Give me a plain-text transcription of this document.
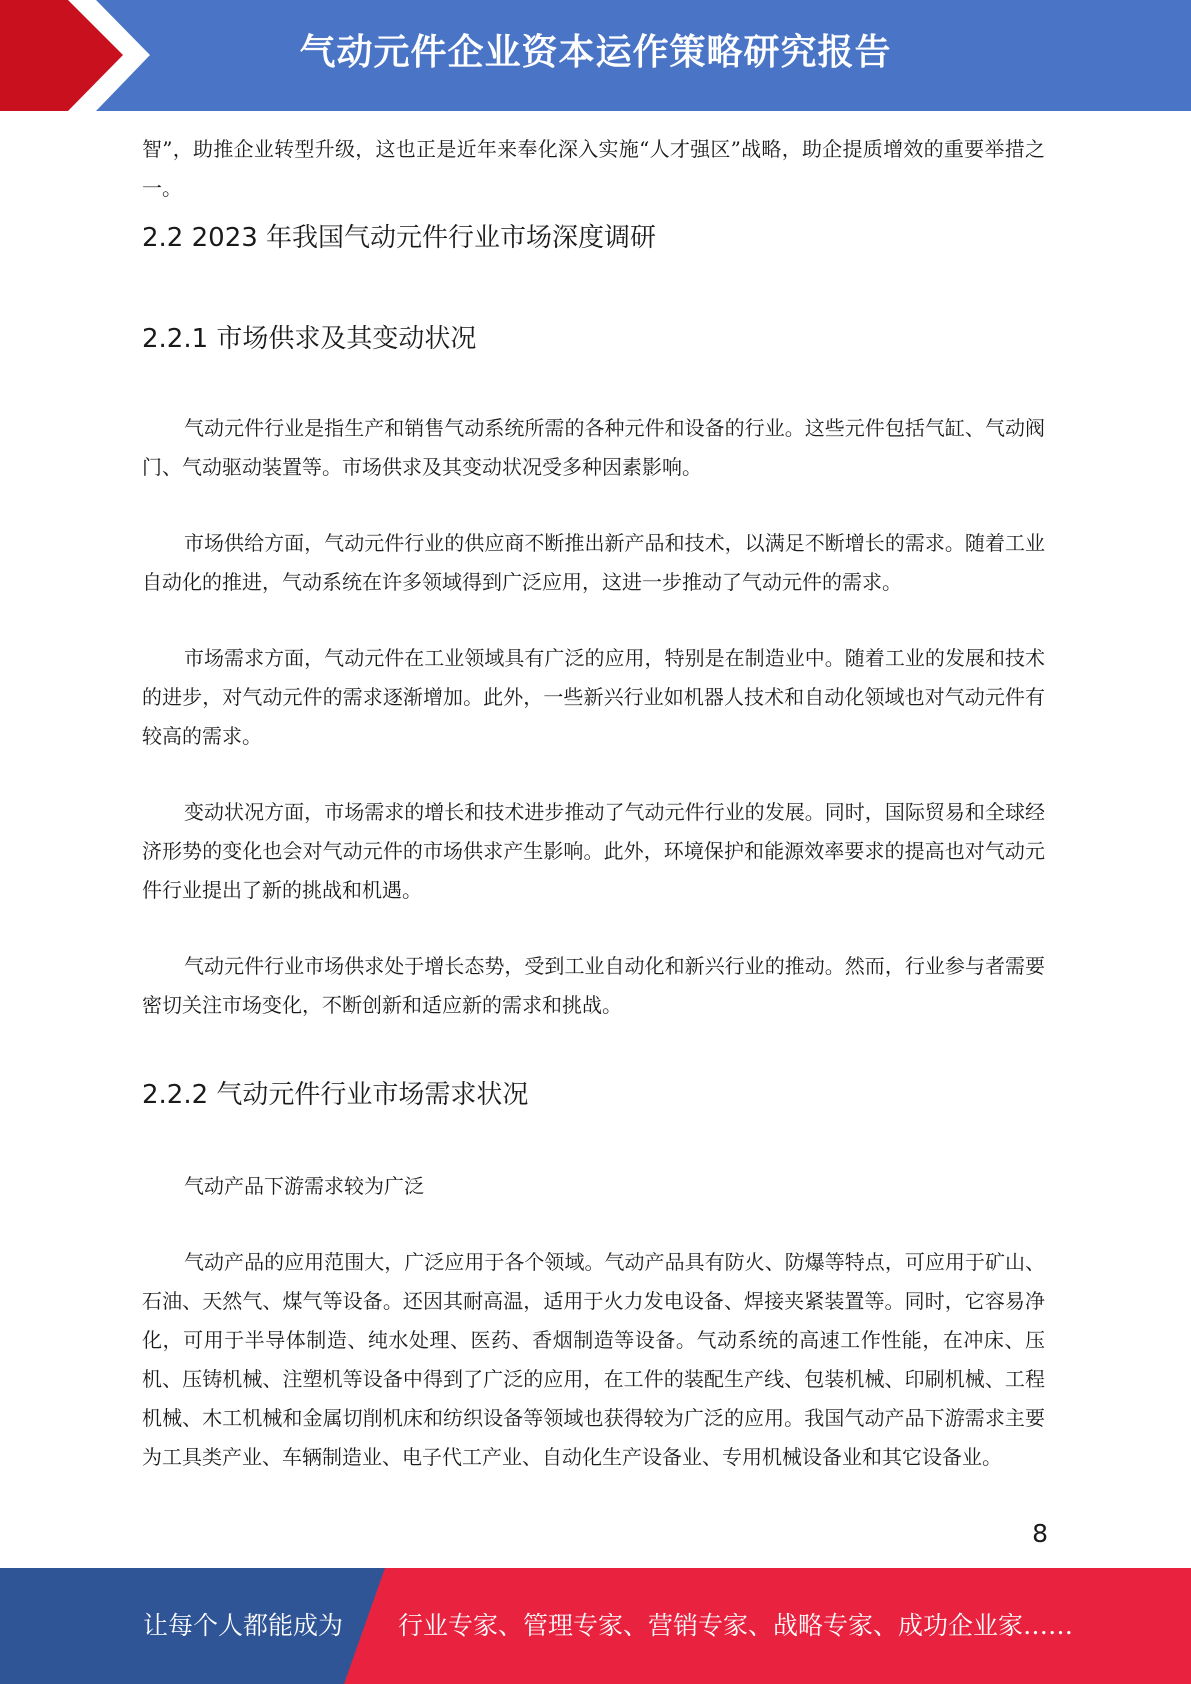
气动元件企业资本运作策略研究报告

智”，助推企业转型升级，这也正是近年来奉化深入实施“人才强区”战略，助企提质增效的重要举措之一。

2.2 2023 年我国气动元件行业市场深度调研
2.2.1 市场供求及其变动状况

气动元件行业是指生产和销售气动系统所需的各种元件和设备的行业。这些元件包括气缸、气动阀门、气动驱动装置等。市场供求及其变动状况受多种因素影响。

市场供给方面，气动元件行业的供应商不断推出新产品和技术，以满足不断增长的需求。随着工业自动化的推进，气动系统在许多领域得到广泛应用，这进一步推动了气动元件的需求。

市场需求方面，气动元件在工业领域具有广泛的应用，特别是在制造业中。随着工业的发展和技术的进步，对气动元件的需求逐渐增加。此外，一些新兴行业如机器人技术和自动化领域也对气动元件有较高的需求。

变动状况方面，市场需求的增长和技术进步推动了气动元件行业的发展。同时，国际贸易和全球经济形势的变化也会对气动元件的市场供求产生影响。此外，环境保护和能源效率要求的提高也对气动元件行业提出了新的挑战和机遇。

气动元件行业市场供求处于增长态势，受到工业自动化和新兴行业的推动。然而，行业参与者需要密切关注市场变化，不断创新和适应新的需求和挑战。

2.2.2 气动元件行业市场需求状况

气动产品下游需求较为广泛

气动产品的应用范围大，广泛应用于各个领域。气动产品具有防火、防爆等特点，可应用于矿山、石油、天然气、煤气等设备。还因其耐高温，适用于火力发电设备、焊接夹紧装置等。同时，它容易净化，可用于半导体制造、纯水处理、医药、香烟制造等设备。气动系统的高速工作性能，在冲床、压机、压铸机械、注塑机等设备中得到了广泛的应用，在工件的装配生产线、包装机械、印刷机械、工程机械、木工机械和金属切削机床和纺织设备等领域也获得较为广泛的应用。我国气动产品下游需求主要为工具类产业、车辆制造业、电子代工产业、自动化生产设备业、专用机械设备业和其它设备业。

8
让每个人都能成为 行业专家、管理专家、营销专家、战略专家、成功企业家……
